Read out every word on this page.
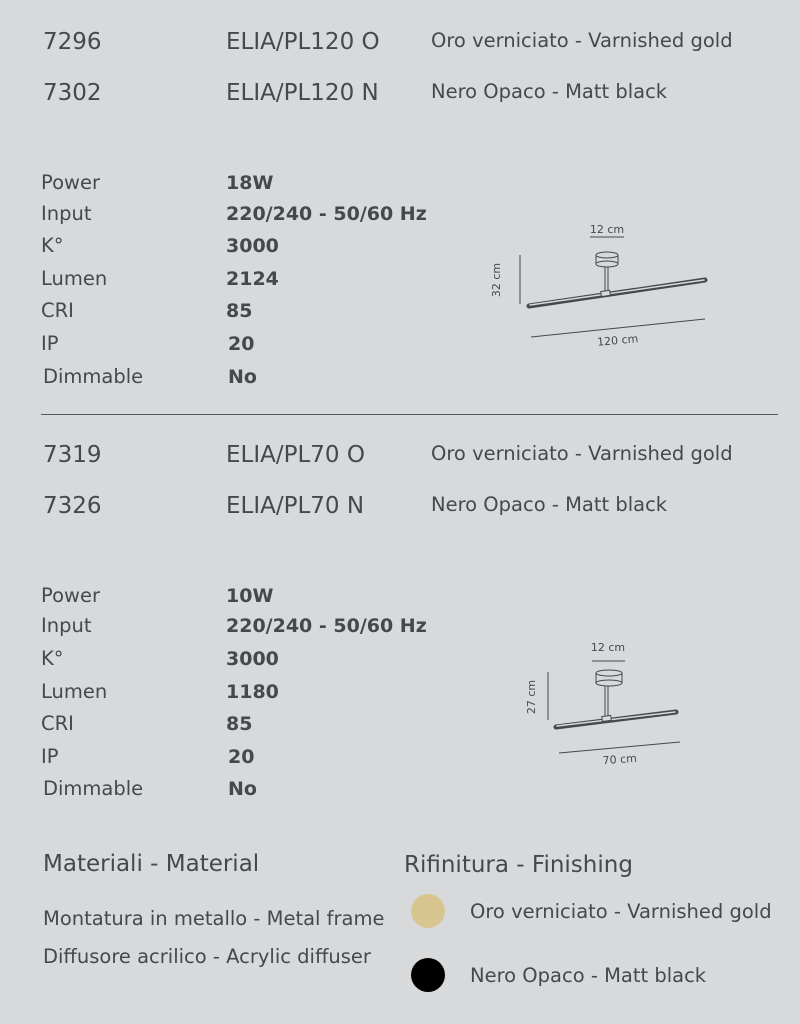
7296	ELIA/PL120 O	Oro verniciato - Varnished gold
7302	ELIA/PL120 N	Nero Opaco - Matt black
Power	18W
Input	220/240 - 50/60 Hz
K°	3000
Lumen	2124
CRI	85
IP	20
Dimmable	No
12 cm
32 cm
120 cm
7319	ELIA/PL70 O	Oro verniciato - Varnished gold
7326	ELIA/PL70 N	Nero Opaco - Matt black
Power	10W
Input	220/240 - 50/60 Hz
K°	3000
Lumen	1180
CRI	85
IP	20
Dimmable	No
12 cm
27 cm
70 cm
Materiali - Material
Montatura in metallo - Metal frame
Diffusore acrilico - Acrylic diffuser
Rifinitura - Finishing
Oro verniciato - Varnished gold
Nero Opaco - Matt black
